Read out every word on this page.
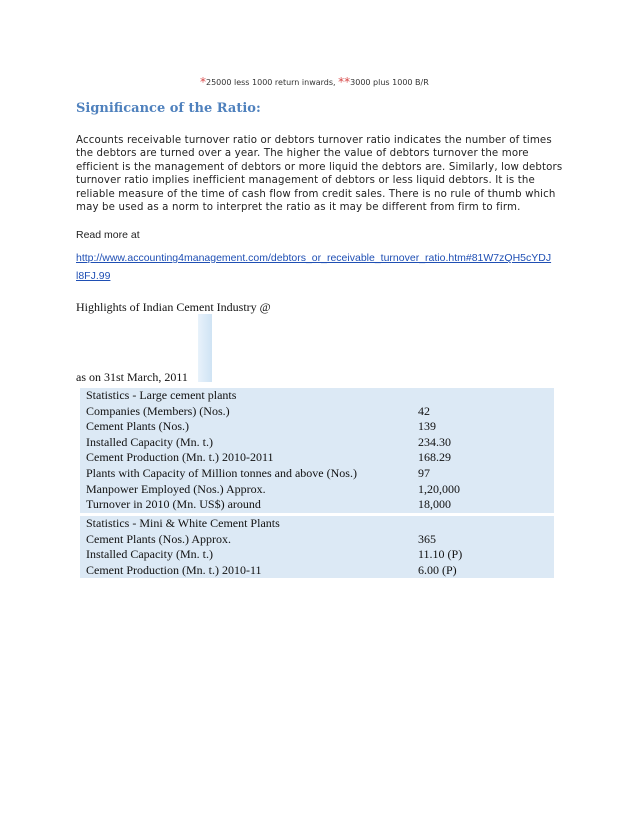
*25000 less 1000 return inwards, **3000 plus 1000 B/R
Significance of the Ratio:
Accounts receivable turnover ratio or debtors turnover ratio indicates the number of times
the debtors are turned over a year. The higher the value of debtors turnover the more
efficient is the management of debtors or more liquid the debtors are. Similarly, low debtors
turnover ratio implies inefficient management of debtors or less liquid debtors. It is the
reliable measure of the time of cash flow from credit sales. There is no rule of thumb which
may be used as a norm to interpret the ratio as it may be different from firm to firm.
Read more at
http://www.accounting4management.com/debtors_or_receivable_turnover_ratio.htm#81W7zQH5cYDJ
l8FJ.99
Highlights of Indian Cement Industry @
as on 31st March, 2011
Statistics - Large cement plants	
Companies (Members) (Nos.)	42
Cement Plants (Nos.)	139
Installed Capacity (Mn. t.)	234.30
Cement Production (Mn. t.) 2010-2011	168.29
Plants with Capacity of Million tonnes and above (Nos.)	97
Manpower Employed (Nos.) Approx.	1,20,000
Turnover in 2010 (Mn. US$) around	18,000
Statistics - Mini & White Cement Plants	
Cement Plants (Nos.) Approx.	365
Installed Capacity (Mn. t.)	11.10 (P)
Cement Production (Mn. t.) 2010-11	6.00 (P)
